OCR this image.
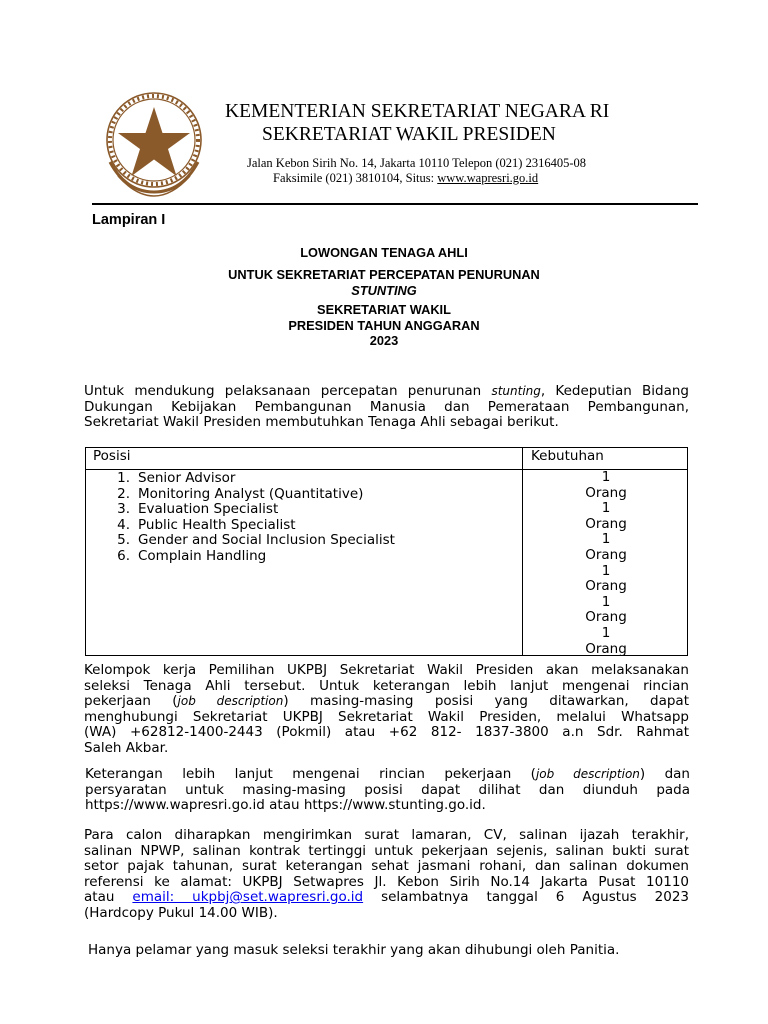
KEMENTERIAN SEKRETARIAT NEGARA RI
SEKRETARIAT WAKIL PRESIDEN
Jalan Kebon Sirih No. 14, Jakarta 10110 Telepon (021) 2316405-08
Faksimile (021) 3810104, Situs: www.wapresri.go.id
Lampiran I
LOWONGAN TENAGA AHLI
UNTUK SEKRETARIAT PERCEPATAN PENURUNAN
STUNTING
SEKRETARIAT WAKIL
PRESIDEN TAHUN ANGGARAN
2023
Untuk mendukung pelaksanaan percepatan penurunan stunting, Kedeputian Bidang
Dukungan Kebijakan Pembangunan Manusia dan Pemerataan Pembangunan,
Sekretariat Wakil Presiden membutuhkan Tenaga Ahli sebagai berikut.
Posisi	Kebutuhan
1. Senior Advisor
2. Monitoring Analyst (Quantitative)
3. Evaluation Specialist
4. Public Health Specialist
5. Gender and Social Inclusion Specialist
6. Complain Handling
1
Orang
1
Orang
1
Orang
1
Orang
1
Orang
1
Orang
Kelompok kerja Pemilihan UKPBJ Sekretariat Wakil Presiden akan melaksanakan
seleksi Tenaga Ahli tersebut. Untuk keterangan lebih lanjut mengenai rincian
pekerjaan (job description) masing-masing posisi yang ditawarkan, dapat
menghubungi Sekretariat UKPBJ Sekretariat Wakil Presiden, melalui Whatsapp
(WA) +62812-1400-2443 (Pokmil) atau +62 812- 1837-3800 a.n Sdr. Rahmat
Saleh Akbar.
Keterangan lebih lanjut mengenai rincian pekerjaan (job description) dan
persyaratan untuk masing-masing posisi dapat dilihat dan diunduh pada
https://www.wapresri.go.id atau https://www.stunting.go.id.
Para calon diharapkan mengirimkan surat lamaran, CV, salinan ijazah terakhir,
salinan NPWP, salinan kontrak tertinggi untuk pekerjaan sejenis, salinan bukti surat
setor pajak tahunan, surat keterangan sehat jasmani rohani, dan salinan dokumen
referensi ke alamat: UKPBJ Setwapres Jl. Kebon Sirih No.14 Jakarta Pusat 10110
atau email: ukpbj@set.wapresri.go.id selambatnya tanggal 6 Agustus 2023
(Hardcopy Pukul 14.00 WIB).
Hanya pelamar yang masuk seleksi terakhir yang akan dihubungi oleh Panitia.
